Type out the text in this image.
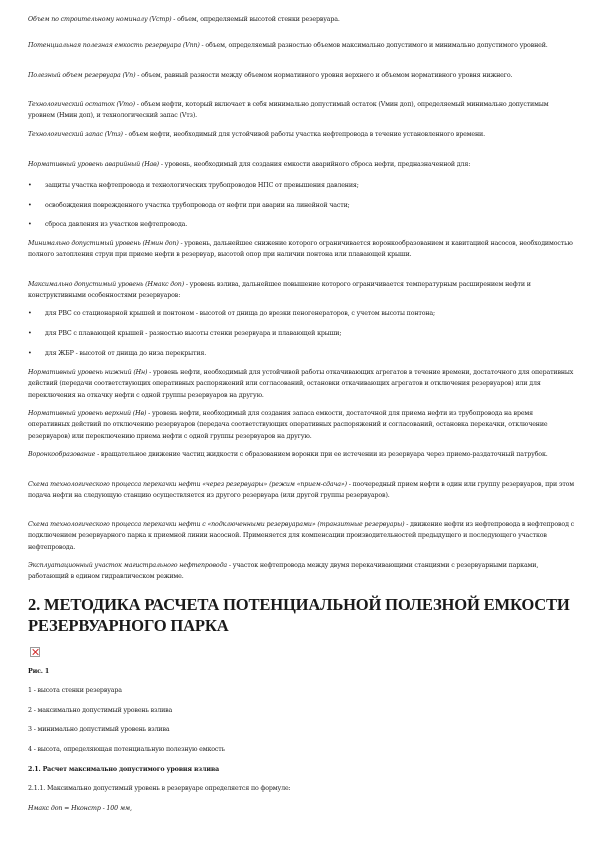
Объем по строительному номиналу (Vстр) - объем, определяемый высотой стенки резервуара.

Потенциальная полезная емкость резервуара (Vпп) - объем, определяемый разностью объемов максимально допустимого и минимально допустимого уровней.

Полезный объем резервуара (Vп) - объем, равный разности между объемом нормативного уровня верхнего и объемом нормативного уровня нижнего.

Технологический остаток (Vто) - объем нефти, который включает в себя минимально допустимый остаток (Vмин доп), определяемый минимально допустимым уровнем (Hмин доп), и технологический запас (Vтз).

Технологический запас (Vтз) - объем нефти, необходимый для устойчивой работы участка нефтепровода в течение установленного времени.

Нормативный уровень аварийный (Нав) - уровень, необходимый для создания емкости аварийного сброса нефти, предназначенной для:

• защиты участка нефтепровода и технологических трубопроводов НПС от превышения давления;
• освобождения поврежденного участка трубопровода от нефти при аварии на линейной части;
• сброса давления из участков нефтепровода.

Минимально допустимый уровень (Hмин доп) - уровень, дальнейшее снижение которого ограничивается воронкообразованием и кавитацией насосов, необходимостью полного затопления струи при приеме нефти в резервуар, высотой опор при наличии понтона или плавающей крыши.

Максимально допустимый уровень (Hмакс доп) - уровень взлива, дальнейшее повышение которого ограничивается температурным расширением нефти и конструктивными особенностями резервуаров:

• для РВС со стационарной крышей и понтоном - высотой от днища до врезки пеногенераторов, с учетом высоты понтона;
• для РВС с плавающей крышей - разностью высоты стенки резервуара и плавающей крыши;
• для ЖБР - высотой от днища до низа перекрытия.

Нормативный уровень нижний (Нн) - уровень нефти, необходимый для устойчивой работы откачивающих агрегатов в течение времени, достаточного для оперативных действий (передачи соответствующих оперативных распоряжений или согласований, остановки откачивающих агрегатов и отключения резервуаров) или для переключения на откачку нефти с одной группы резервуаров на другую.

Нормативный уровень верхний (Нв) - уровень нефти, необходимый для создания запаса емкости, достаточной для приема нефти из трубопровода на время оперативных действий по отключению резервуаров (передача соответствующих оперативных распоряжений и согласований, остановка перекачки, отключение резервуаров) или переключению приема нефти с одной группы резервуаров на другую.

Воронкообразование - вращательное движение частиц жидкости с образованием воронки при ее истечении из резервуара через приемо-раздаточный патрубок.

Схема технологического процесса перекачки нефти «через резервуары» (режим «прием-сдача») - поочередный прием нефти в один или группу резервуаров, при этом подача нефти на следующую станцию осуществляется из другого резервуара (или другой группы резервуаров).

Схема технологического процесса перекачки нефти с «подключенными резервуарами» (транзитные резервуары) - движение нефти из нефтепровода в нефтепровод с подключением резервуарного парка к приемной линии насосной. Применяется для компенсации производительностей предыдущего и последующего участков нефтепровода.

Эксплуатационный участок магистрального нефтепровода - участок нефтепровода между двумя перекачивающими станциями с резервуарными парками, работающий в едином гидравлическом режиме.

2. МЕТОДИКА РАСЧЕТА ПОТЕНЦИАЛЬНОЙ ПОЛЕЗНОЙ ЕМКОСТИ РЕЗЕРВУАРНОГО ПАРКА

Рис. 1

1 - высота стенки резервуара

2 - максимально допустимый уровень взлива

3 - минимально допустимый уровень взлива

4 - высота, определяющая потенциальную полезную емкость

2.1. Расчет максимально допустимого уровня взлива

2.1.1. Максимально допустимый уровень в резервуаре определяется по формуле:

Hмакс доп = Hконстр - 100 мм,
